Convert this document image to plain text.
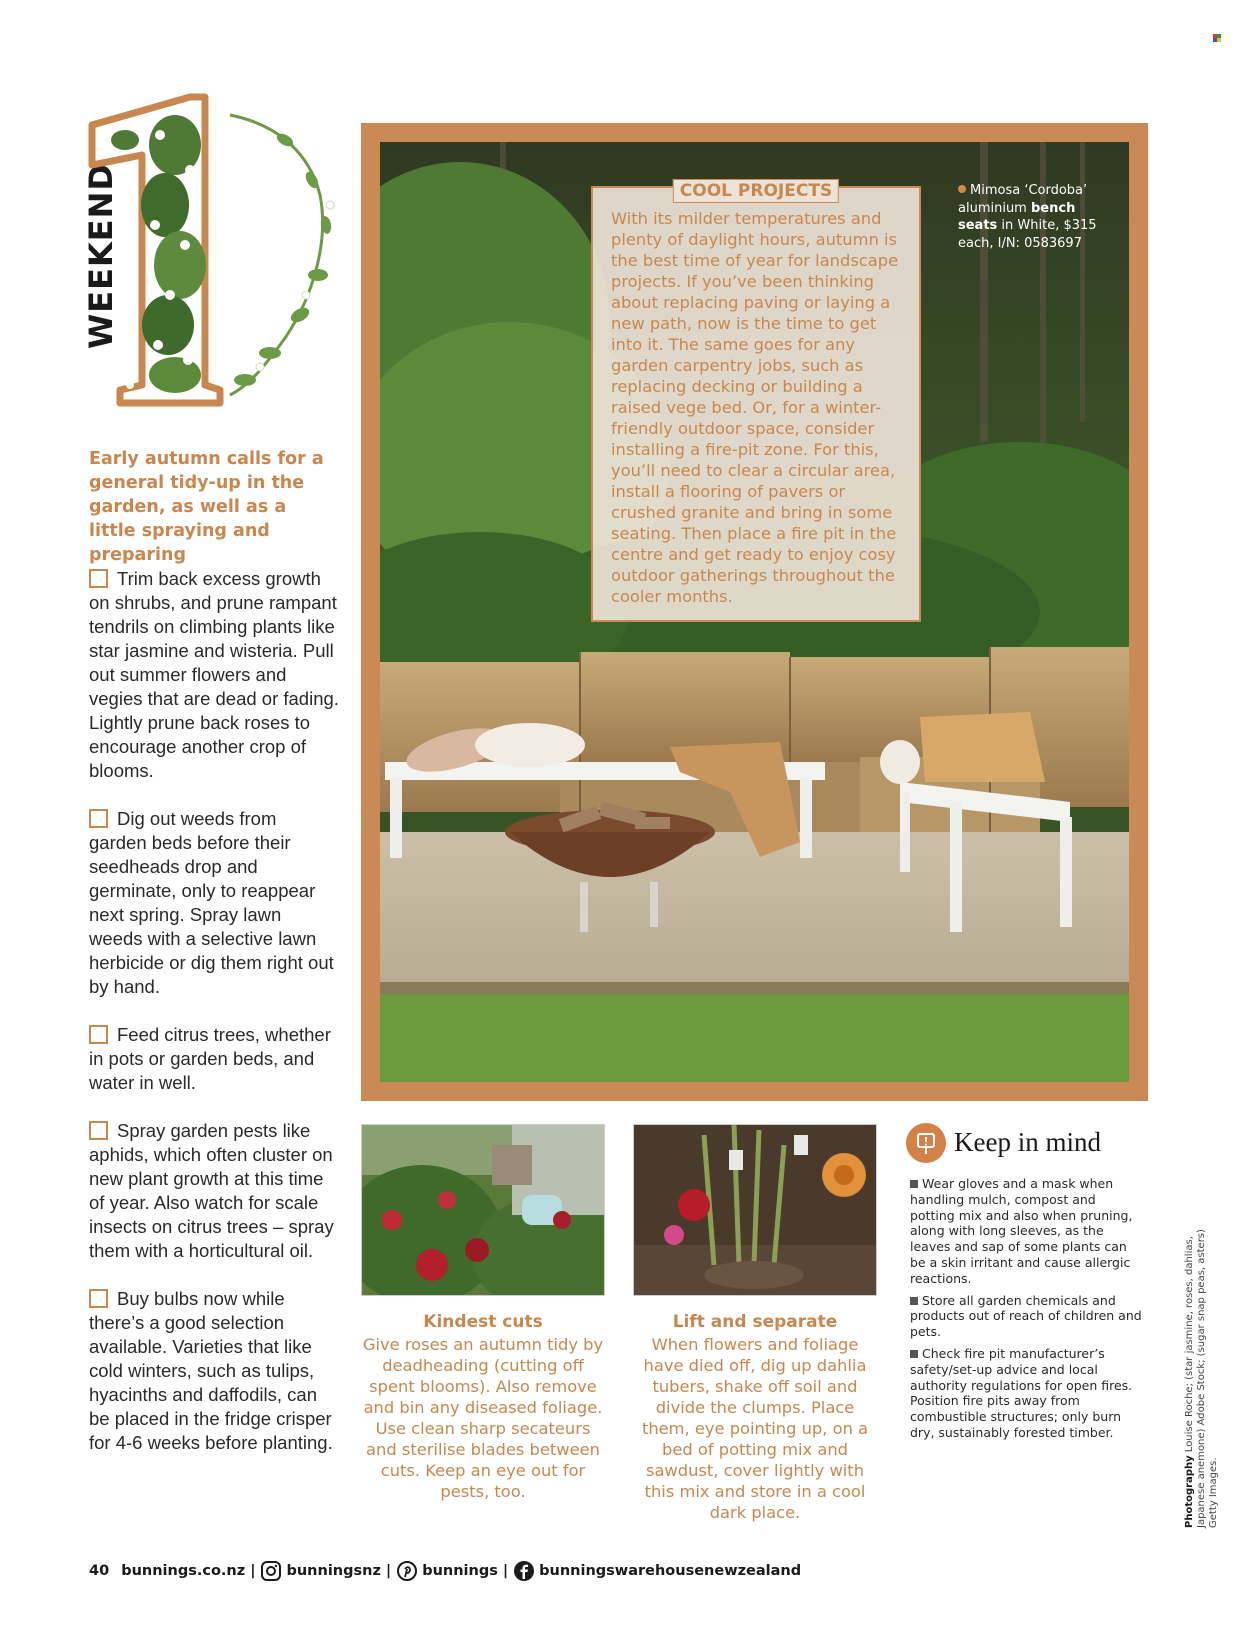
WEEKEND

Early autumn calls for a general tidy-up in the garden, as well as a little spraying and preparing

Trim back excess growth on shrubs, and prune rampant tendrils on climbing plants like star jasmine and wisteria. Pull out summer flowers and vegies that are dead or fading. Lightly prune back roses to encourage another crop of blooms.

Dig out weeds from garden beds before their seedheads drop and germinate, only to reappear next spring. Spray lawn weeds with a selective lawn herbicide or dig them right out by hand.

Feed citrus trees, whether in pots or garden beds, and water in well.

Spray garden pests like aphids, which often cluster on new plant growth at this time of year. Also watch for scale insects on citrus trees – spray them with a horticultural oil.

Buy bulbs now while there’s a good selection available. Varieties that like cold winters, such as tulips, hyacinths and daffodils, can be placed in the fridge crisper for 4-6 weeks before planting.

COOL PROJECTS

With its milder temperatures and plenty of daylight hours, autumn is the best time of year for landscape projects. If you’ve been thinking about replacing paving or laying a new path, now is the time to get into it. The same goes for any garden carpentry jobs, such as replacing decking or building a raised vege bed. Or, for a winter-friendly outdoor space, consider installing a fire-pit zone. For this, you’ll need to clear a circular area, install a flooring of pavers or crushed granite and bring in some seating. Then place a fire pit in the centre and get ready to enjoy cosy outdoor gatherings throughout the cooler months.

Mimosa ‘Cordoba’ aluminium bench seats in White, $315 each, I/N: 0583697

Kindest cuts

Give roses an autumn tidy by deadheading (cutting off spent blooms). Also remove and bin any diseased foliage. Use clean sharp secateurs and sterilise blades between cuts. Keep an eye out for pests, too.

Lift and separate

When flowers and foliage have died off, dig up dahlia tubers, shake off soil and divide the clumps. Place them, eye pointing up, on a bed of potting mix and sawdust, cover lightly with this mix and store in a cool dark place.

Keep in mind

Wear gloves and a mask when handling mulch, compost and potting mix and also when pruning, along with long sleeves, as the leaves and sap of some plants can be a skin irritant and cause allergic reactions.

Store all garden chemicals and products out of reach of children and pets.

Check fire pit manufacturer’s safety/set-up advice and local authority regulations for open fires. Position fire pits away from combustible structures; only burn dry, sustainably forested timber.

Photography Louise Roche; (star jasmine, roses, dahlias, Japanese anemone) Adobe Stock; (sugar snap peas, asters) Getty Images.
40 bunnings.co.nz | bunningsnz | bunnings | bunningswarehousenewzealand
